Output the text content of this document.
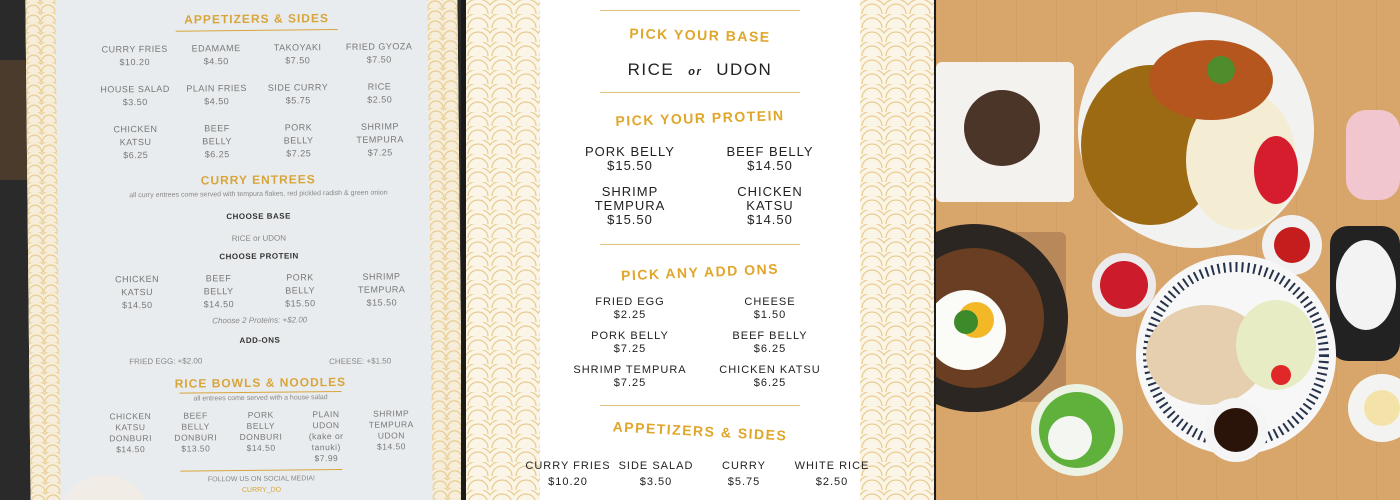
APPETIZERS & SIDES
CURRY FRIES
$10.20
EDAMAME
$4.50
TAKOYAKI
$7.50
FRIED GYOZA
$7.50
HOUSE SALAD
$3.50
PLAIN FRIES
$4.50
SIDE CURRY
$5.75
RICE
$2.50
CHICKEN
KATSU
$6.25
BEEF
BELLY
$6.25
PORK
BELLY
$7.25
SHRIMP
TEMPURA
$7.25
CURRY ENTREES
all curry entrees come served with tempura flakes, red pickled radish & green onion
CHOOSE BASE
RICE or UDON
CHOOSE PROTEIN
CHICKEN
KATSU
$14.50
BEEF
BELLY
$14.50
PORK
BELLY
$15.50
SHRIMP
TEMPURA
$15.50
Choose 2 Proteins: +$2.00
ADD-ONS
FRIED EGG: +$2.00	CHEESE: +$1.50
RICE BOWLS & NOODLES
all entrees come served with a house salad
CHICKEN
KATSU
DONBURI
$14.50
BEEF
BELLY
DONBURI
$13.50
PORK
BELLY
DONBURI
$14.50
PLAIN
UDON
(kake or tanuki)
$7.99
SHRIMP
TEMPURA
UDON
$14.50
FOLLOW US ON SOCIAL MEDIA!
CURRY_DO
PICK YOUR BASE
RICE or UDON
PICK YOUR PROTEIN
PORK BELLY
$15.50
BEEF BELLY
$14.50
SHRIMP
TEMPURA
$15.50
CHICKEN
KATSU
$14.50
PICK ANY ADD ONS
FRIED EGG
$2.25
CHEESE
$1.50
PORK BELLY
$7.25
BEEF BELLY
$6.25
SHRIMP TEMPURA
$7.25
CHICKEN KATSU
$6.25
APPETIZERS & SIDES
CURRY FRIES
$10.20
SIDE SALAD
$3.50
CURRY
$5.75
WHITE RICE
$2.50
